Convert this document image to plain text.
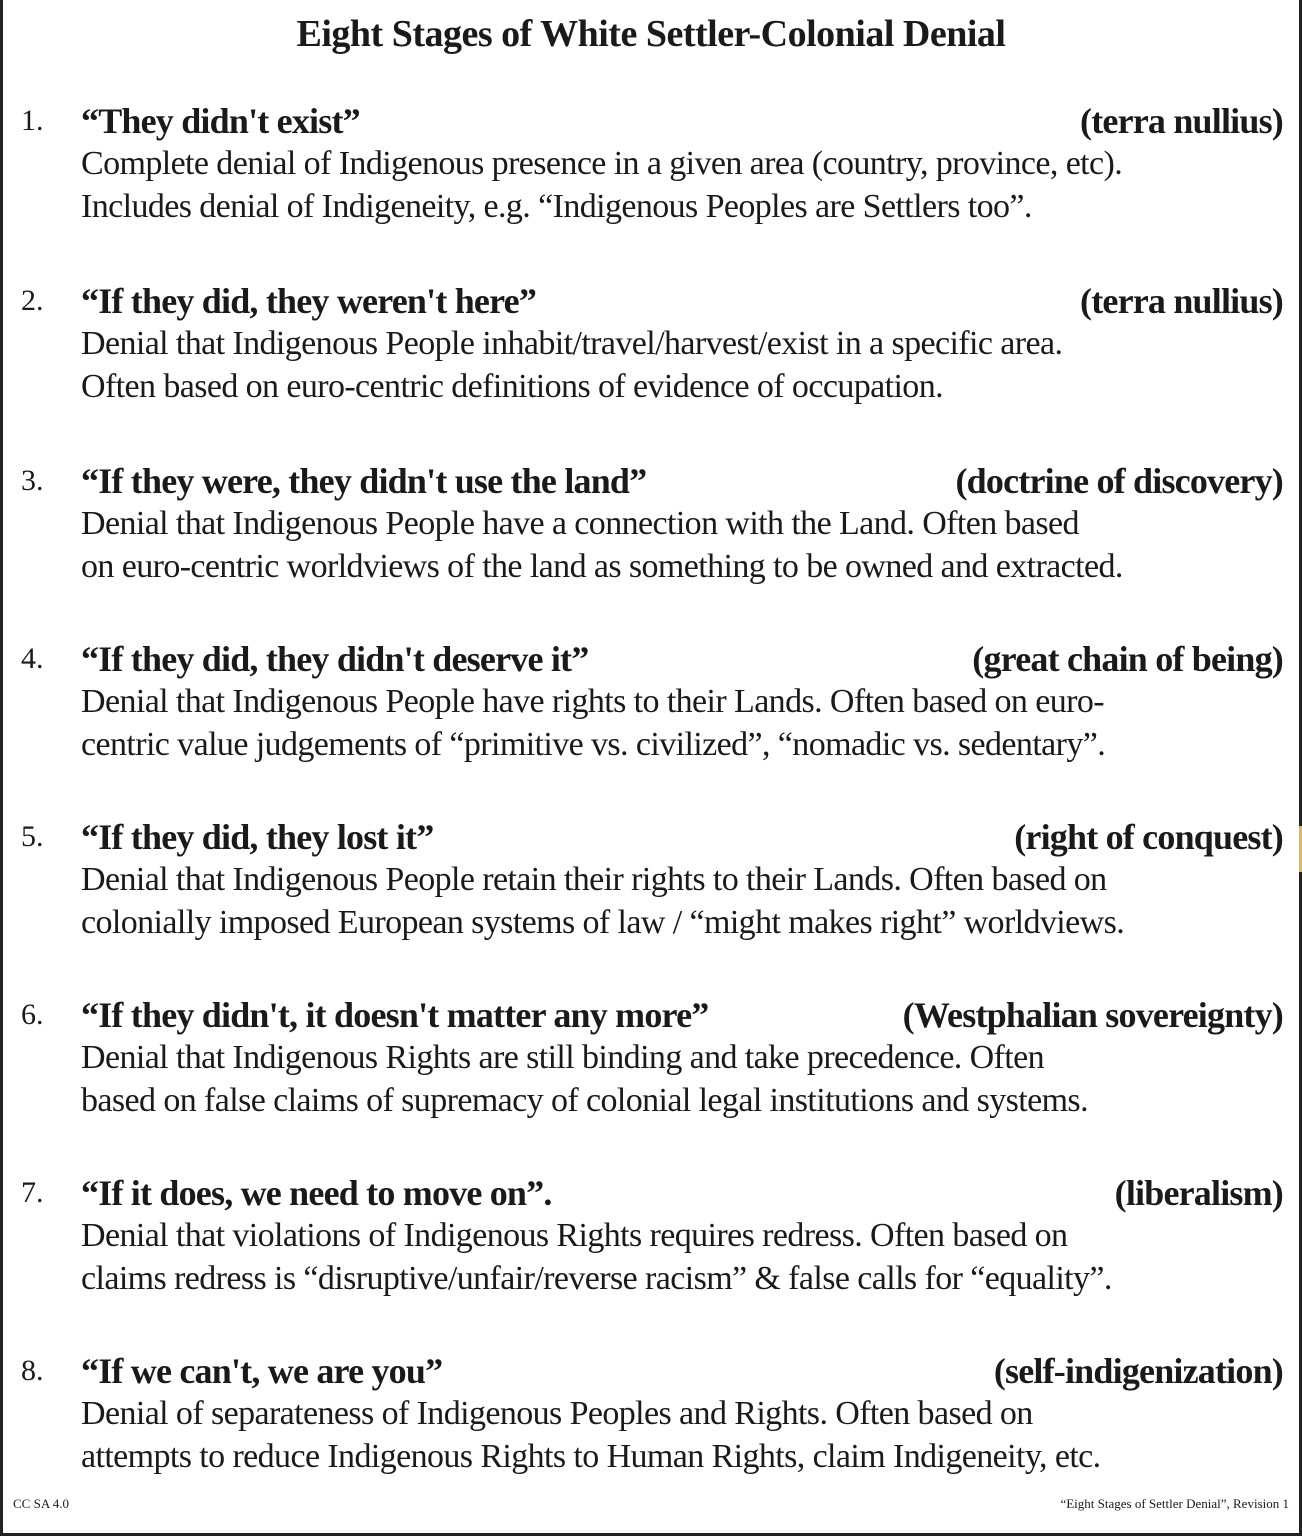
Eight Stages of White Settler-Colonial Denial
1.	“They didn't exist”	(terra nullius)
Complete denial of Indigenous presence in a given area (country, province, etc).
Includes denial of Indigeneity, e.g. “Indigenous Peoples are Settlers too”.
2.	“If they did, they weren't here”	(terra nullius)
Denial that Indigenous People inhabit/travel/harvest/exist in a specific area.
Often based on euro-centric definitions of evidence of occupation.
3.	“If they were, they didn't use the land”	(doctrine of discovery)
Denial that Indigenous People have a connection with the Land. Often based
on euro-centric worldviews of the land as something to be owned and extracted.
4.	“If they did, they didn't deserve it”	(great chain of being)
Denial that Indigenous People have rights to their Lands. Often based on euro-
centric value judgements of “primitive vs. civilized”, “nomadic vs. sedentary”.
5.	“If they did, they lost it”	(right of conquest)
Denial that Indigenous People retain their rights to their Lands. Often based on
colonially imposed European systems of law / “might makes right” worldviews.
6.	“If they didn't, it doesn't matter any more”	(Westphalian sovereignty)
Denial that Indigenous Rights are still binding and take precedence. Often
based on false claims of supremacy of colonial legal institutions and systems.
7.	“If it does, we need to move on”.	(liberalism)
Denial that violations of Indigenous Rights requires redress. Often based on
claims redress is “disruptive/unfair/reverse racism” & false calls for “equality”.
8.	“If we can't, we are you”	(self-indigenization)
Denial of separateness of Indigenous Peoples and Rights. Often based on
attempts to reduce Indigenous Rights to Human Rights, claim Indigeneity, etc.
CC SA 4.0	“Eight Stages of Settler Denial”, Revision 1
